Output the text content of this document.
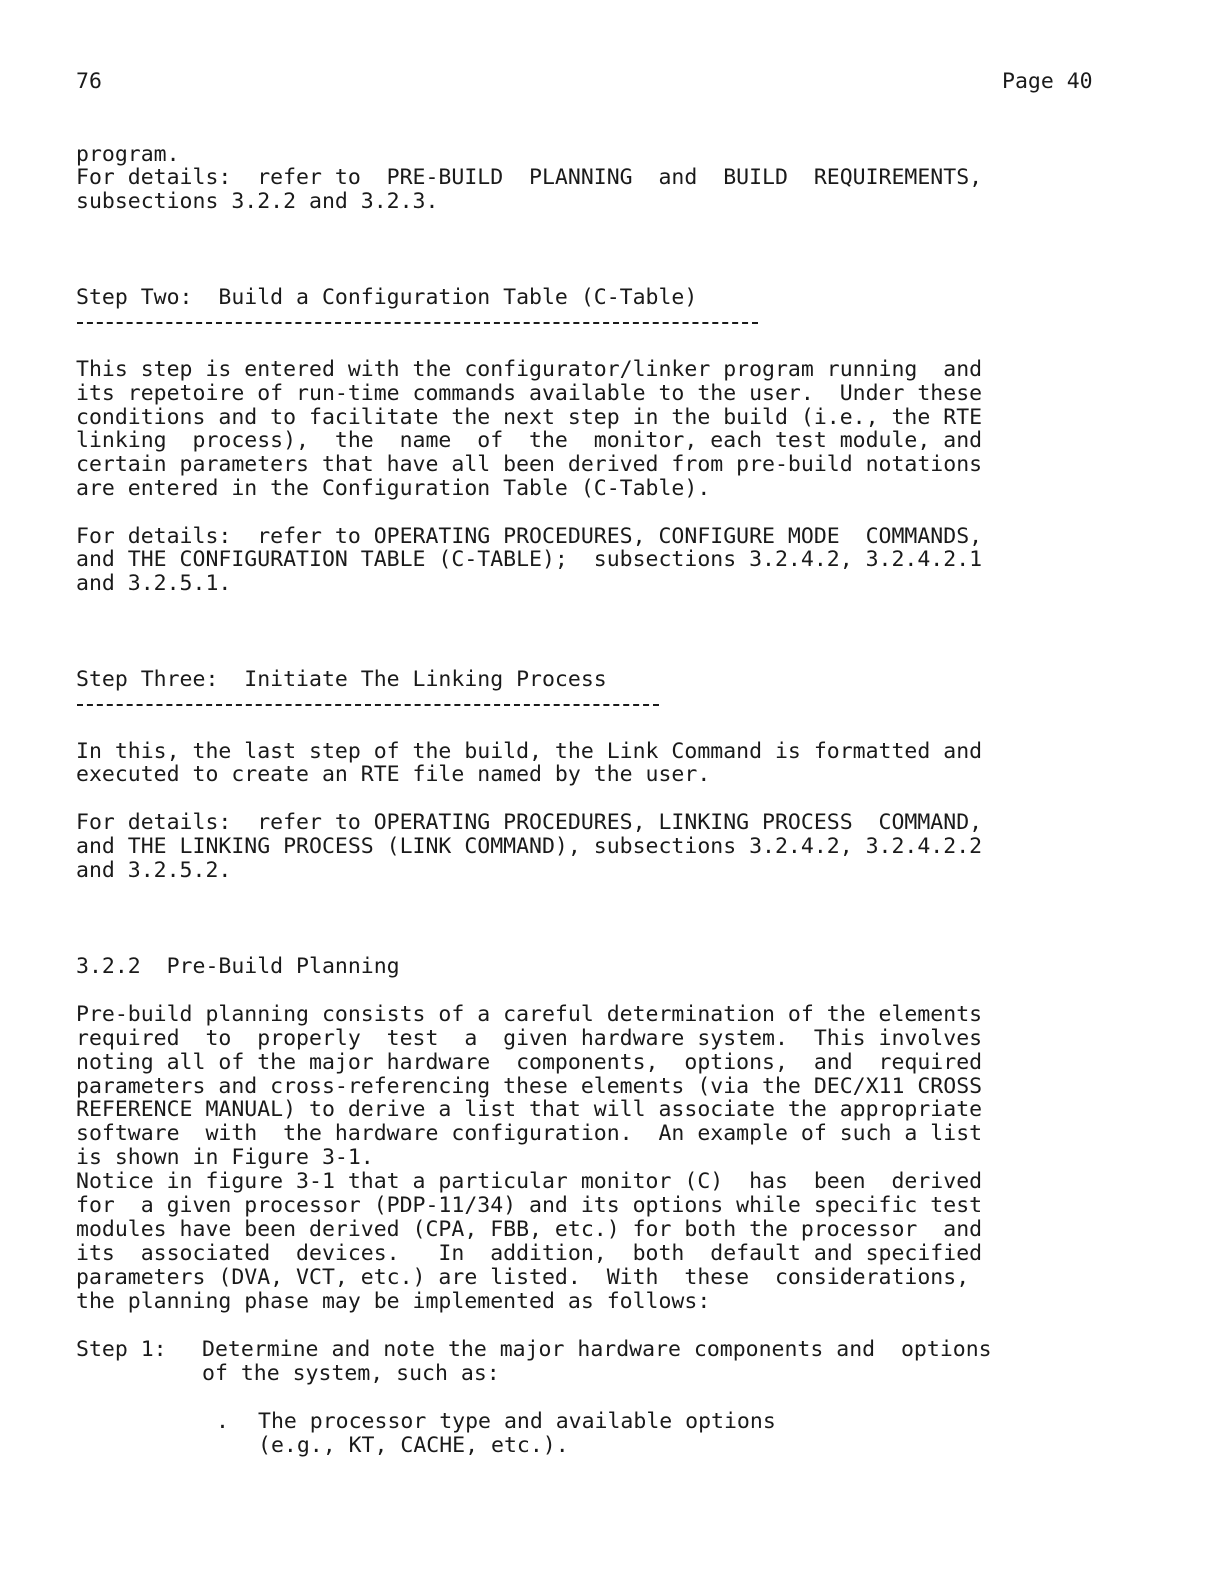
76	Page 40
program.
For details:  refer to  PRE-BUILD  PLANNING  and  BUILD  REQUIREMENTS,
subsections 3.2.2 and 3.2.3.
Step Two:  Build a Configuration Table (C-Table)
This step is entered with the configurator/linker program running  and
its repetoire of run-time commands available to the user.  Under these
conditions and to facilitate the next step in the build (i.e., the RTE
linking  process),  the  name  of  the  monitor, each test module, and
certain parameters that have all been derived from pre-build notations
are entered in the Configuration Table (C-Table).
For details:  refer to OPERATING PROCEDURES, CONFIGURE MODE  COMMANDS,
and THE CONFIGURATION TABLE (C-TABLE);  subsections 3.2.4.2, 3.2.4.2.1
and 3.2.5.1.
Step Three:  Initiate The Linking Process
In this, the last step of the build, the Link Command is formatted and
executed to create an RTE file named by the user.
For details:  refer to OPERATING PROCEDURES, LINKING PROCESS  COMMAND,
and THE LINKING PROCESS (LINK COMMAND), subsections 3.2.4.2, 3.2.4.2.2
and 3.2.5.2.
3.2.2  Pre-Build Planning
Pre-build planning consists of a careful determination of the elements
required  to  properly  test  a  given hardware system.  This involves
noting all of the major hardware  components,  options,  and  required
parameters and cross-referencing these elements (via the DEC/X11 CROSS
REFERENCE MANUAL) to derive a list that will associate the appropriate
software  with  the hardware configuration.  An example of such a list
is shown in Figure 3-1.
Notice in figure 3-1 that a particular monitor (C)  has  been  derived
for  a given processor (PDP-11/34) and its options while specific test
modules have been derived (CPA, FBB, etc.) for both the processor  and
its  associated  devices.   In  addition,  both  default and specified
parameters (DVA, VCT, etc.) are listed.  With  these  considerations,
the planning phase may be implemented as follows:
Step 1: Determine and note the major hardware components and  options
of the system, such as:
. The processor type and available options
(e.g., KT, CACHE, etc.).
